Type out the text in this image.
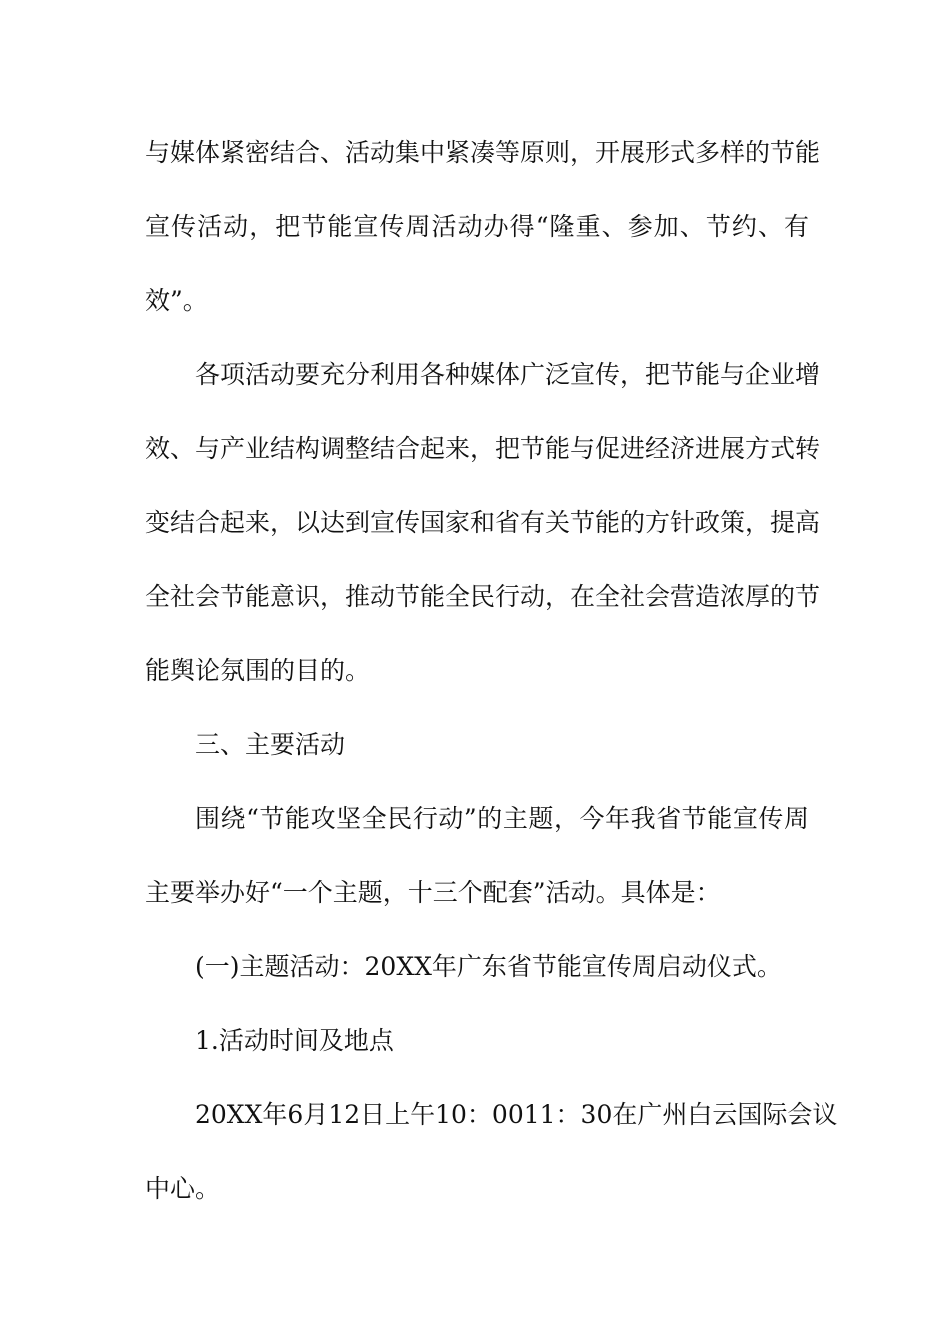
与媒体紧密结合、活动集中紧凑等原则，开展形式多样的节能
宣传活动，把节能宣传周活动办得“隆重、参加、节约、有
效”。
各项活动要充分利用各种媒体广泛宣传，把节能与企业增
效、与产业结构调整结合起来，把节能与促进经济进展方式转
变结合起来，以达到宣传国家和省有关节能的方针政策，提高
全社会节能意识，推动节能全民行动，在全社会营造浓厚的节
能舆论氛围的目的。
三、主要活动
围绕“节能攻坚全民行动”的主题，今年我省节能宣传周
主要举办好“一个主题，十三个配套”活动。具体是：
(一)主题活动：20XX年广东省节能宣传周启动仪式。
1.活动时间及地点
20XX年6月12日上午10：0011：30在广州白云国际会议
中心。
